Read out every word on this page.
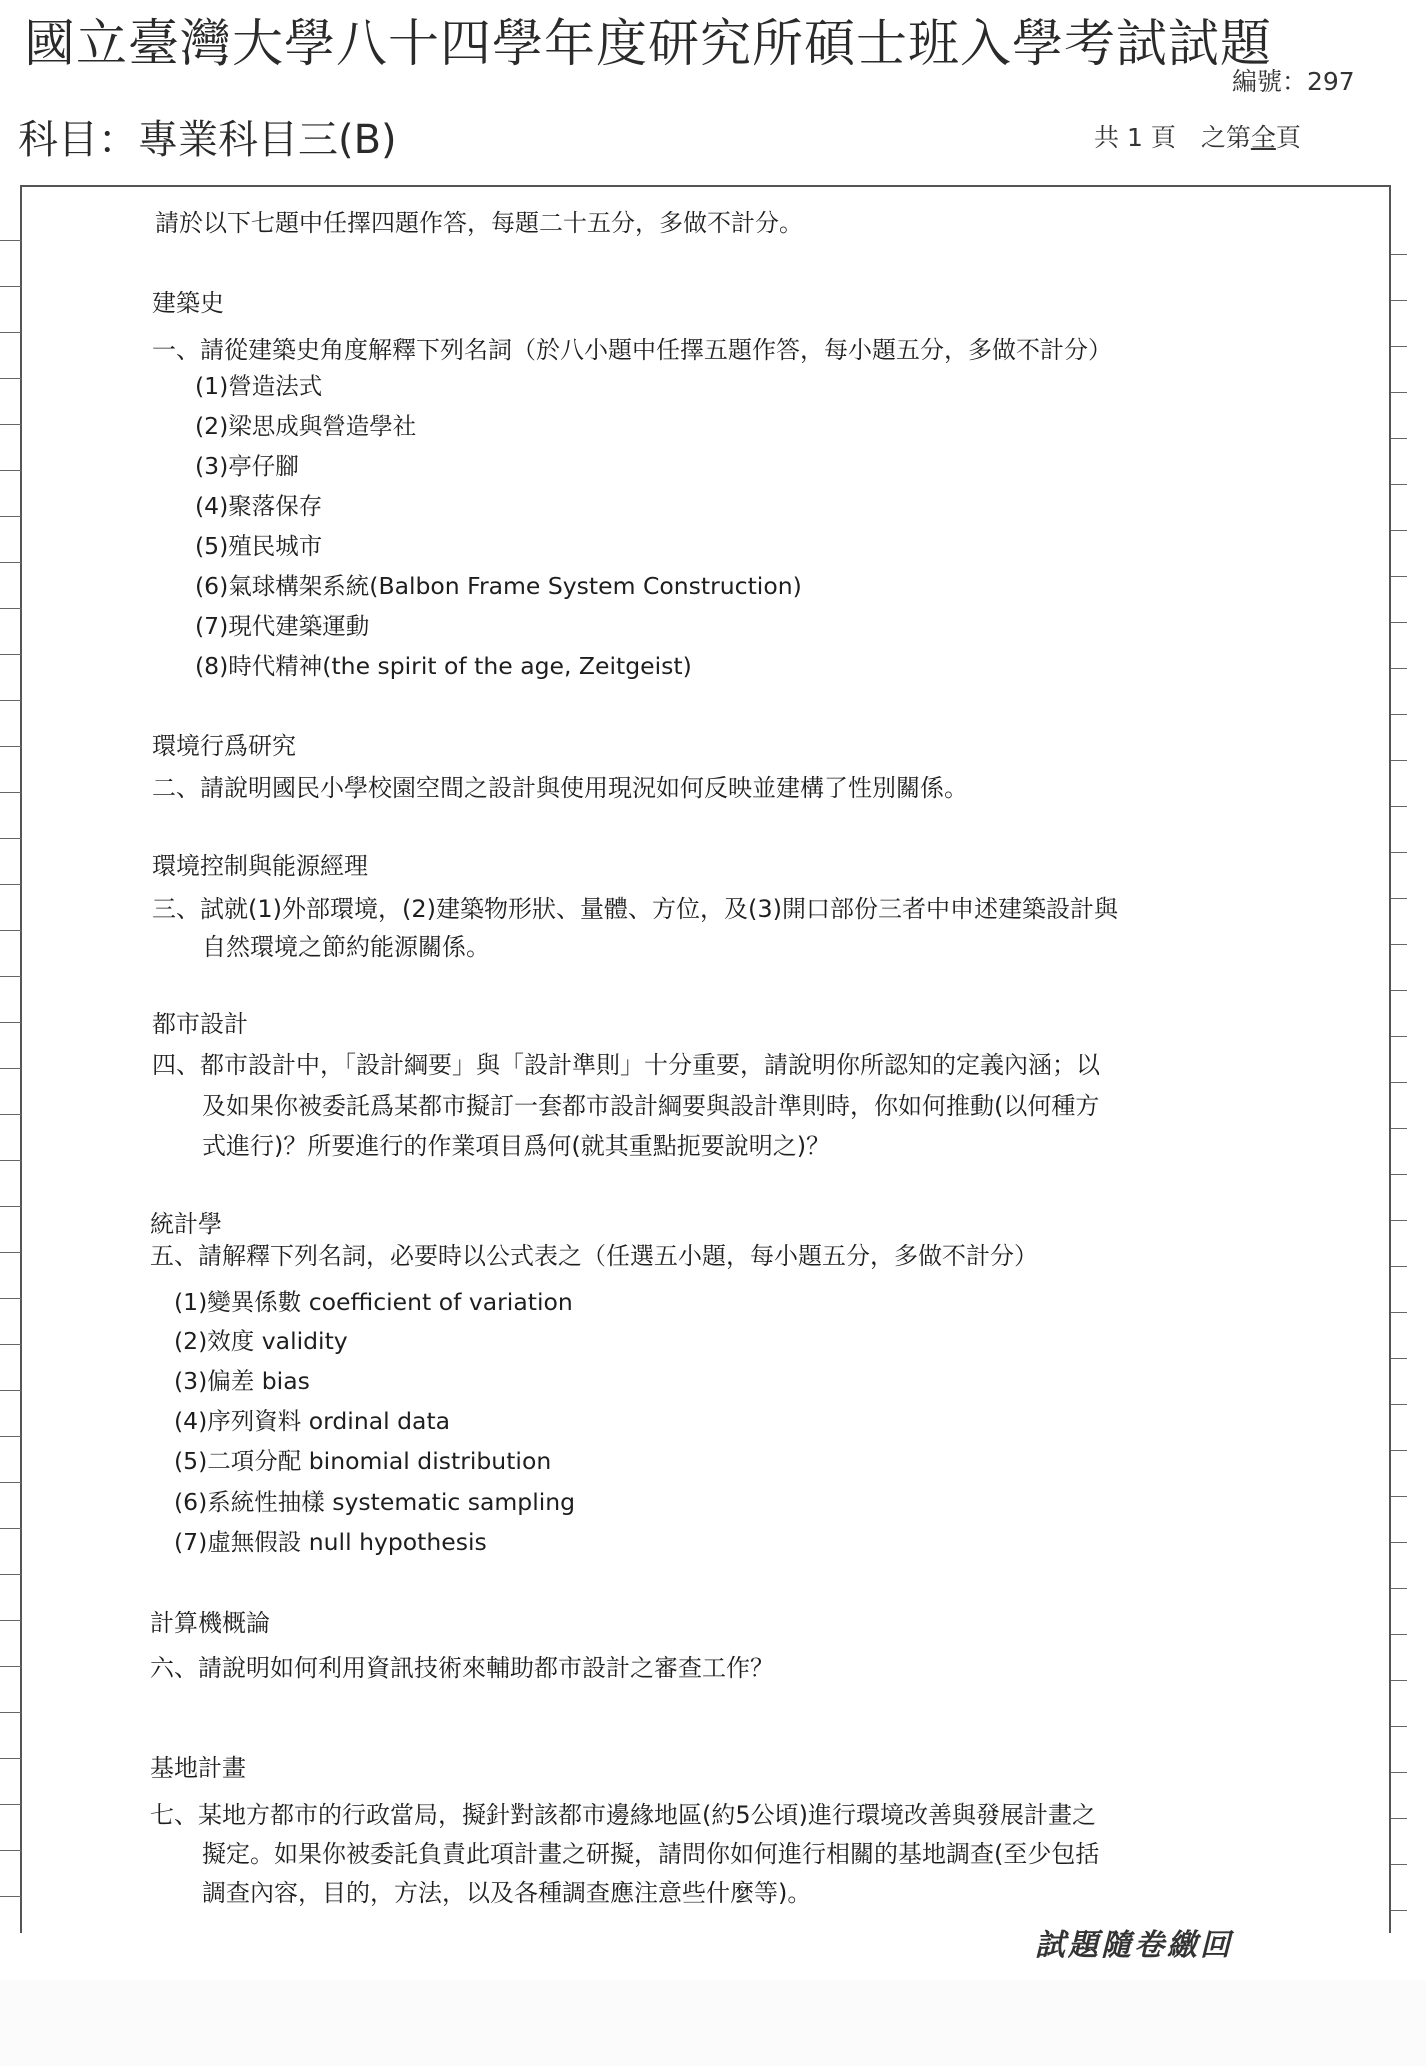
國立臺灣大學八十四學年度研究所碩士班入學考試試題
編號：297
科目：專業科目三(B)	共 1 頁　之第全頁
請於以下七題中任擇四題作答，每題二十五分，多做不計分。
建築史
一、請從建築史角度解釋下列名詞（於八小題中任擇五題作答，每小題五分，多做不計分）
(1)營造法式
(2)梁思成與營造學社
(3)亭仔腳
(4)聚落保存
(5)殖民城市
(6)氣球構架系統(Balbon Frame System Construction)
(7)現代建築運動
(8)時代精神(the spirit of the age, Zeitgeist)
環境行爲研究
二、請說明國民小學校園空間之設計與使用現況如何反映並建構了性別關係。
環境控制與能源經理
三、試就(1)外部環境，(2)建築物形狀、量體、方位，及(3)開口部份三者中申述建築設計與
自然環境之節約能源關係。
都市設計
四、都市設計中，「設計綱要」與「設計準則」十分重要，請說明你所認知的定義內涵；以
及如果你被委託爲某都市擬訂一套都市設計綱要與設計準則時，你如何推動(以何種方
式進行)？所要進行的作業項目爲何(就其重點扼要說明之)？
統計學
五、請解釋下列名詞，必要時以公式表之（任選五小題，每小題五分，多做不計分）
(1)變異係數 coefficient of variation
(2)效度 validity
(3)偏差 bias
(4)序列資料 ordinal data
(5)二項分配 binomial distribution
(6)系統性抽樣 systematic sampling
(7)虛無假設 null hypothesis
計算機概論
六、請說明如何利用資訊技術來輔助都市設計之審查工作？
基地計畫
七、某地方都市的行政當局，擬針對該都市邊緣地區(約5公頃)進行環境改善與發展計畫之
擬定。如果你被委託負責此項計畫之研擬，請問你如何進行相關的基地調查(至少包括
調查內容，目的，方法，以及各種調查應注意些什麼等)。
試題隨卷繳回
